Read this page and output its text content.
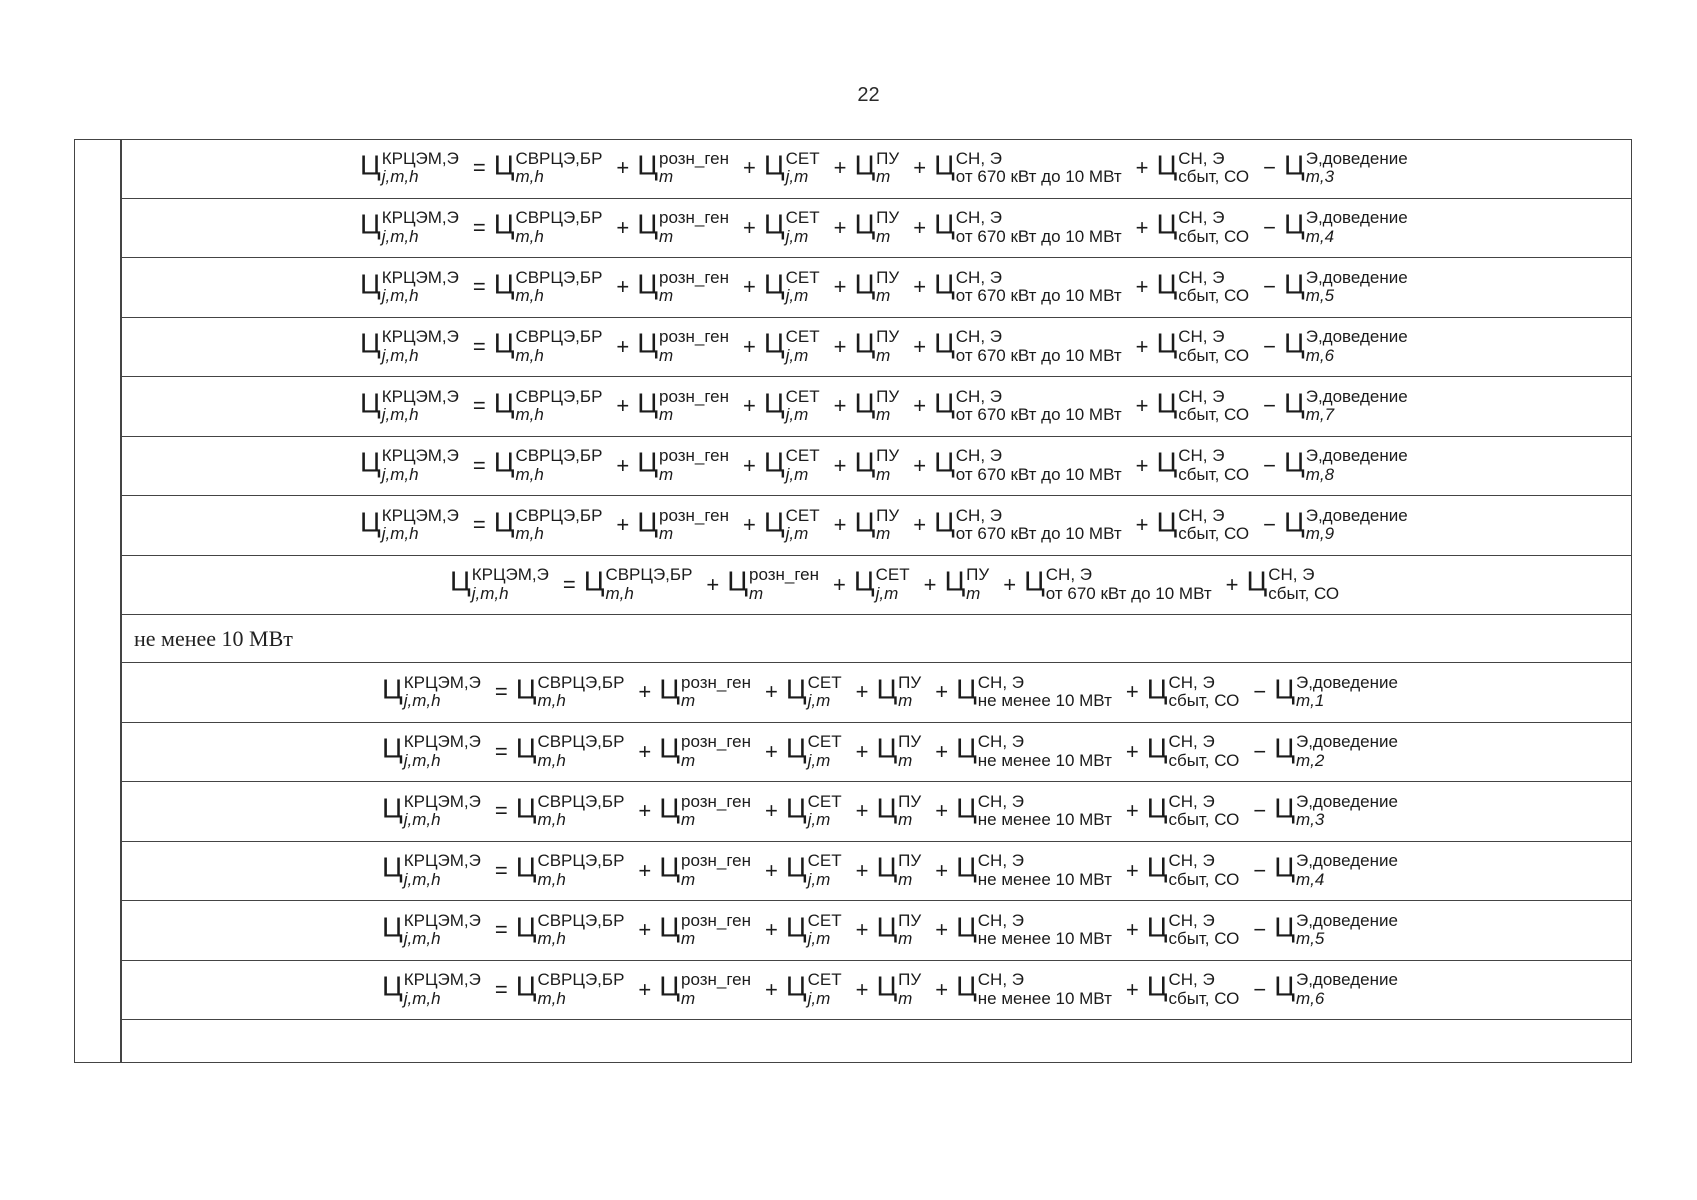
22
Ц КРЦЭМ,Э
j,m,h	= Ц СВРЦЭ,БР
m,h	+ Ц розн_ген
m	+ Ц СЕТ
j,m	+ Ц ПУ
m	+ Ц СН, Э
от 670 кВт до 10 МВт + Ц СН, Э
сбыт, СО − Ц Э,доведение
m,3
Ц КРЦЭМ,Э
j,m,h	= Ц СВРЦЭ,БР
m,h	+ Ц розн_ген
m	+ Ц СЕТ
j,m	+ Ц ПУ
m	+ Ц СН, Э
от 670 кВт до 10 МВт + Ц СН, Э
сбыт, СО − Ц Э,доведение
m,4
Ц КРЦЭМ,Э
j,m,h	= Ц СВРЦЭ,БР
m,h	+ Ц розн_ген
m	+ Ц СЕТ
j,m	+ Ц ПУ
m	+ Ц СН, Э
от 670 кВт до 10 МВт + Ц СН, Э
сбыт, СО − Ц Э,доведение
m,5
Ц КРЦЭМ,Э
j,m,h	= Ц СВРЦЭ,БР
m,h	+ Ц розн_ген
m	+ Ц СЕТ
j,m	+ Ц ПУ
m	+ Ц СН, Э
от 670 кВт до 10 МВт + Ц СН, Э
сбыт, СО − Ц Э,доведение
m,6
Ц КРЦЭМ,Э
j,m,h	= Ц СВРЦЭ,БР
m,h	+ Ц розн_ген
m	+ Ц СЕТ
j,m	+ Ц ПУ
m	+ Ц СН, Э
от 670 кВт до 10 МВт + Ц СН, Э
сбыт, СО − Ц Э,доведение
m,7
Ц КРЦЭМ,Э
j,m,h	= Ц СВРЦЭ,БР
m,h	+ Ц розн_ген
m	+ Ц СЕТ
j,m	+ Ц ПУ
m	+ Ц СН, Э
от 670 кВт до 10 МВт + Ц СН, Э
сбыт, СО − Ц Э,доведение
m,8
Ц КРЦЭМ,Э
j,m,h	= Ц СВРЦЭ,БР
m,h	+ Ц розн_ген
m	+ Ц СЕТ
j,m	+ Ц ПУ
m	+ Ц СН, Э
от 670 кВт до 10 МВт + Ц СН, Э
сбыт, СО − Ц Э,доведение
m,9
Ц КРЦЭМ,Э
j,m,h	= Ц СВРЦЭ,БР
m,h	+ Ц розн_ген
m	+ Ц СЕТ
j,m	+ Ц ПУ
m	+ Ц СН, Э
от 670 кВт до 10 МВт + Ц СН, Э
сбыт, СО
не менее 10 МВт
Ц КРЦЭМ,Э
j,m,h	= Ц СВРЦЭ,БР
m,h	+ Ц розн_ген
m	+ Ц СЕТ
j,m	+ Ц ПУ
m	+ Ц СН, Э
не менее 10 МВт + Ц СН, Э
сбыт, СО − Ц Э,доведение
m,1
Ц КРЦЭМ,Э
j,m,h	= Ц СВРЦЭ,БР
m,h	+ Ц розн_ген
m	+ Ц СЕТ
j,m	+ Ц ПУ
m	+ Ц СН, Э
не менее 10 МВт + Ц СН, Э
сбыт, СО − Ц Э,доведение
m,2
Ц КРЦЭМ,Э
j,m,h	= Ц СВРЦЭ,БР
m,h	+ Ц розн_ген
m	+ Ц СЕТ
j,m	+ Ц ПУ
m	+ Ц СН, Э
не менее 10 МВт + Ц СН, Э
сбыт, СО − Ц Э,доведение
m,3
Ц КРЦЭМ,Э
j,m,h	= Ц СВРЦЭ,БР
m,h	+ Ц розн_ген
m	+ Ц СЕТ
j,m	+ Ц ПУ
m	+ Ц СН, Э
не менее 10 МВт + Ц СН, Э
сбыт, СО − Ц Э,доведение
m,4
Ц КРЦЭМ,Э
j,m,h	= Ц СВРЦЭ,БР
m,h	+ Ц розн_ген
m	+ Ц СЕТ
j,m	+ Ц ПУ
m	+ Ц СН, Э
не менее 10 МВт + Ц СН, Э
сбыт, СО − Ц Э,доведение
m,5
Ц КРЦЭМ,Э
j,m,h	= Ц СВРЦЭ,БР
m,h	+ Ц розн_ген
m	+ Ц СЕТ
j,m	+ Ц ПУ
m	+ Ц СН, Э
не менее 10 МВт + Ц СН, Э
сбыт, СО − Ц Э,доведение
m,6
